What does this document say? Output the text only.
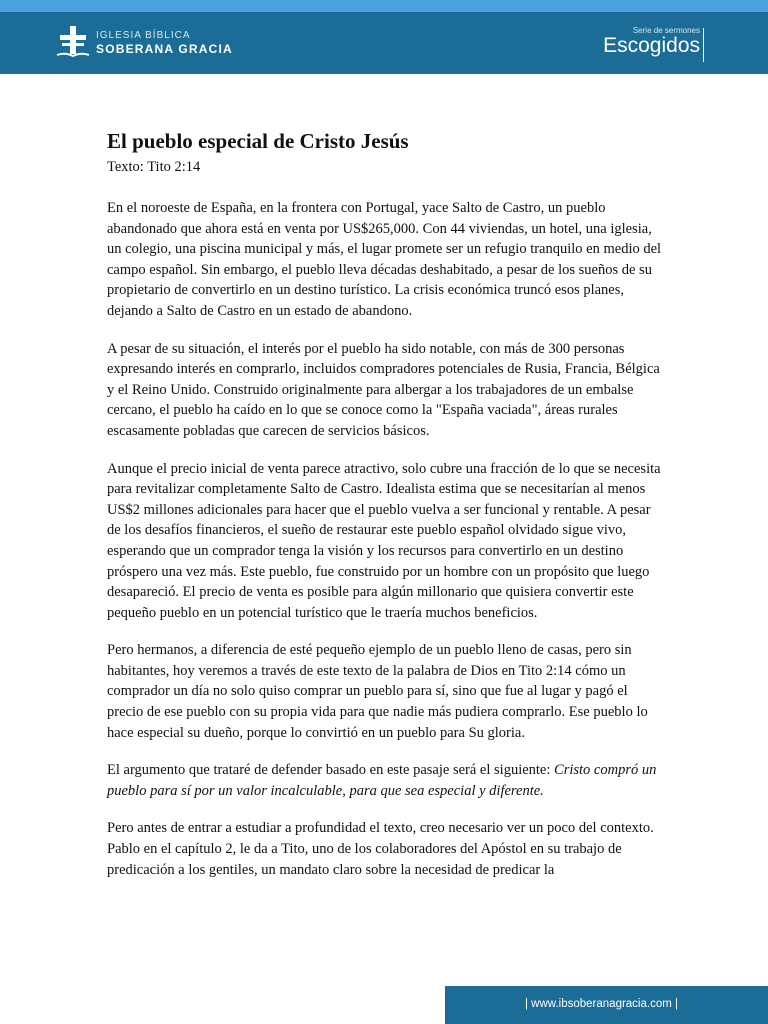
IGLESIA BÍBLICA
SOBERANA GRACIA
Serie de sermones
Escogidos
El pueblo especial de Cristo Jesús

Texto: Tito 2:14

En el noroeste de España, en la frontera con Portugal, yace Salto de Castro, un pueblo abandonado que ahora está en venta por US$265,000. Con 44 viviendas, un hotel, una iglesia, un colegio, una piscina municipal y más, el lugar promete ser un refugio tranquilo en medio del campo español. Sin embargo, el pueblo lleva décadas deshabitado, a pesar de los sueños de su propietario de convertirlo en un destino turístico. La crisis económica truncó esos planes, dejando a Salto de Castro en un estado de abandono.

A pesar de su situación, el interés por el pueblo ha sido notable, con más de 300 personas expresando interés en comprarlo, incluidos compradores potenciales de Rusia, Francia, Bélgica y el Reino Unido. Construido originalmente para albergar a los trabajadores de un embalse cercano, el pueblo ha caído en lo que se conoce como la "España vaciada", áreas rurales escasamente pobladas que carecen de servicios básicos.

Aunque el precio inicial de venta parece atractivo, solo cubre una fracción de lo que se necesita para revitalizar completamente Salto de Castro. Idealista estima que se necesitarían al menos US$2 millones adicionales para hacer que el pueblo vuelva a ser funcional y rentable. A pesar de los desafíos financieros, el sueño de restaurar este pueblo español olvidado sigue vivo, esperando que un comprador tenga la visión y los recursos para convertirlo en un destino próspero una vez más. Este pueblo, fue construido por un hombre con un propósito que luego desapareció. El precio de venta es posible para algún millonario que quisiera convertir este pequeño pueblo en un potencial turístico que le traería muchos beneficios.

Pero hermanos, a diferencia de esté pequeño ejemplo de un pueblo lleno de casas, pero sin habitantes, hoy veremos a través de este texto de la palabra de Dios en Tito 2:14 cómo un comprador un día no solo quiso comprar un pueblo para sí, sino que fue al lugar y pagó el precio de ese pueblo con su propia vida para que nadie más pudiera comprarlo. Ese pueblo lo hace especial su dueño, porque lo convirtió en un pueblo para Su gloria.

El argumento que trataré de defender basado en este pasaje será el siguiente: Cristo compró un pueblo para sí por un valor incalculable, para que sea especial y diferente.

Pero antes de entrar a estudiar a profundidad el texto, creo necesario ver un poco del contexto. Pablo en el capítulo 2, le da a Tito, uno de los colaboradores del Apóstol en su trabajo de predicación a los gentiles, un mandato claro sobre la necesidad de predicar la

| www.ibsoberanagracia.com |
